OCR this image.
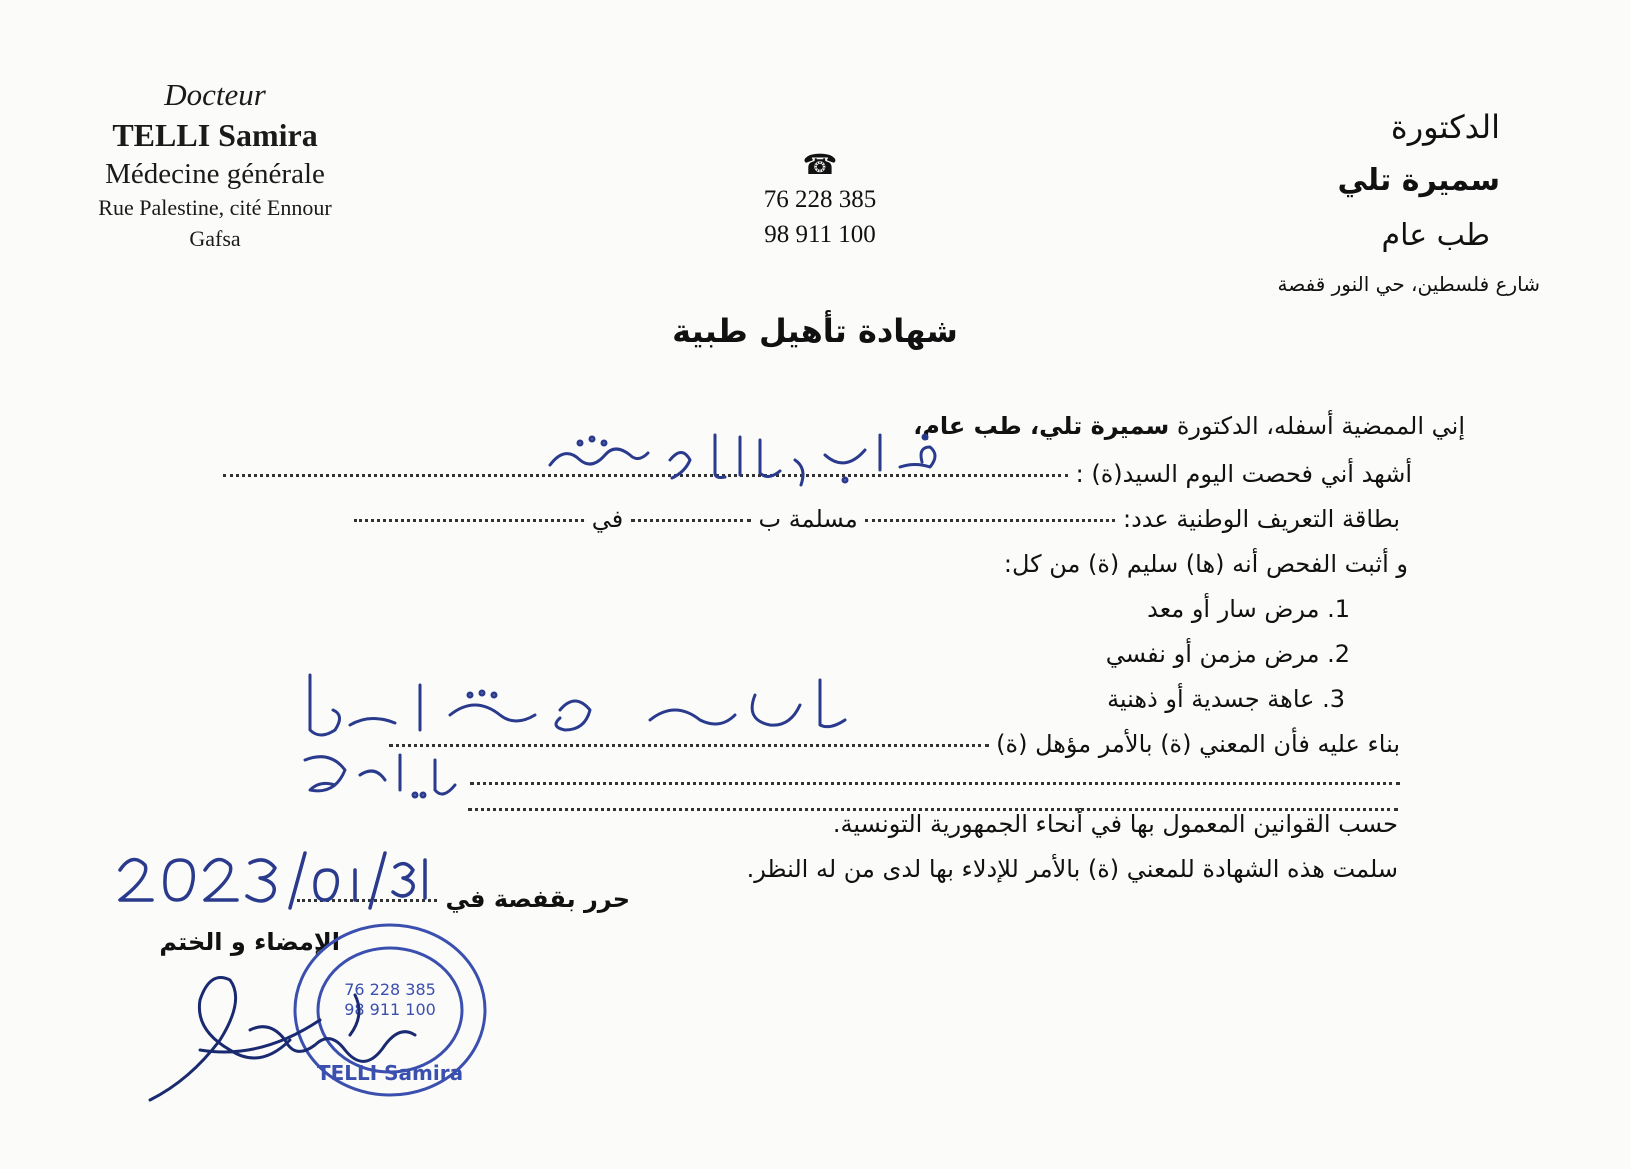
Docteur
TELLI Samira
Médecine générale
Rue Palestine, cité Ennour
Gafsa
☎
76 228 385
98 911 100
الدكتورة
سميرة تلي
طب عام
شارع فلسطين، حي النور قفصة
شهادة تأهيل طبية
إني الممضية أسفله، الدكتورة سميرة تلي، طب عام،
أشهد أني فحصت اليوم السيد(ة) :
بطاقة التعريف الوطنية عدد:  مسلمة ب  في
و أثبت الفحص أنه (ها) سليم (ة) من كل:
1. مرض سار أو معد
2. مرض مزمن أو نفسي
3. عاهة جسدية أو ذهنية
بناء عليه فأن المعني (ة) بالأمر مؤهل (ة)
حسب القوانين المعمول بها في أنحاء الجمهورية التونسية.
سلمت هذه الشهادة للمعني (ة) بالأمر للإدلاء بها لدى من له النظر.
حرر بقفصة في
الإمضاء و الختم
98 911 100
76 228 385
TELLI Samira
